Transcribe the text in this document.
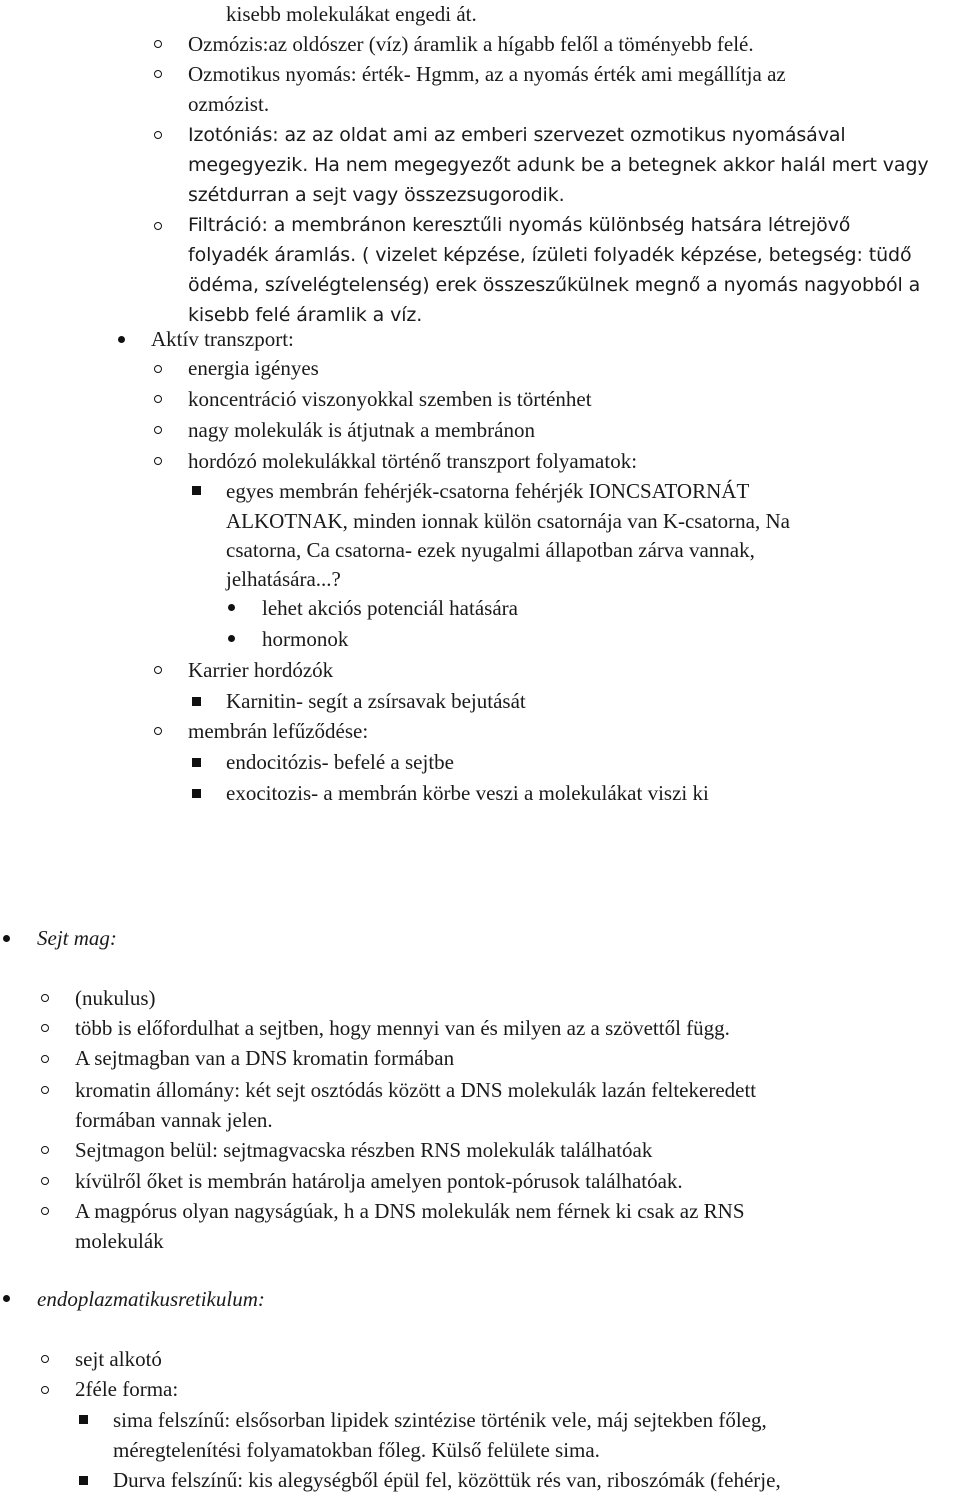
kisebb molekulákat engedi át.
Ozmózis:az oldószer (víz) áramlik a hígabb felől a töményebb felé.
Ozmotikus nyomás: érték- Hgmm, az a nyomás érték ami megállítja az
ozmózist.
Izotóniás: az az oldat ami az emberi szervezet ozmotikus nyomásával
megegyezik. Ha nem megegyezőt adunk be a betegnek akkor halál mert vagy
szétdurran a sejt vagy összezsugorodik.
Filtráció: a membránon keresztűli nyomás különbség hatsára létrejövő
folyadék áramlás. ( vizelet képzése, ízületi folyadék képzése, betegség: tüdő
ödéma, szívelégtelenség) erek összeszűkülnek megnő a nyomás nagyobból a
kisebb felé áramlik a víz.
Aktív transzport:
energia igényes
koncentráció viszonyokkal szemben is történhet
nagy molekulák is átjutnak a membránon
hordózó molekulákkal történő transzport folyamatok:
egyes membrán fehérjék-csatorna fehérjék IONCSATORNÁT
ALKOTNAK, minden ionnak külön csatornája van K-csatorna, Na
csatorna, Ca csatorna- ezek nyugalmi állapotban zárva vannak,
jelhatására...?
lehet akciós potenciál hatására
hormonok
Karrier hordózók
Karnitin- segít a zsírsavak bejutását
membrán lefűződése:
endocitózis- befelé a sejtbe
exocitozis- a membrán körbe veszi a molekulákat viszi ki
Sejt mag:
(nukulus)
több is előfordulhat a sejtben, hogy mennyi van és milyen az a szövettől függ.
A sejtmagban van a DNS kromatin formában
kromatin állomány: két sejt osztódás között a DNS molekulák lazán feltekeredett
formában vannak jelen.
Sejtmagon belül: sejtmagvacska részben RNS molekulák találhatóak
kívülről őket is membrán határolja amelyen pontok-pórusok találhatóak.
A magpórus olyan nagyságúak, h a DNS molekulák nem férnek ki csak az RNS
molekulák
endoplazmatikusretikulum:
sejt alkotó
2féle forma:
sima felszínű: elsősorban lipidek szintézise történik vele, máj sejtekben főleg,
méregtelenítési folyamatokban főleg. Külső felülete sima.
Durva felszínű: kis alegységből épül fel, közöttük rés van, riboszómák (fehérje,
